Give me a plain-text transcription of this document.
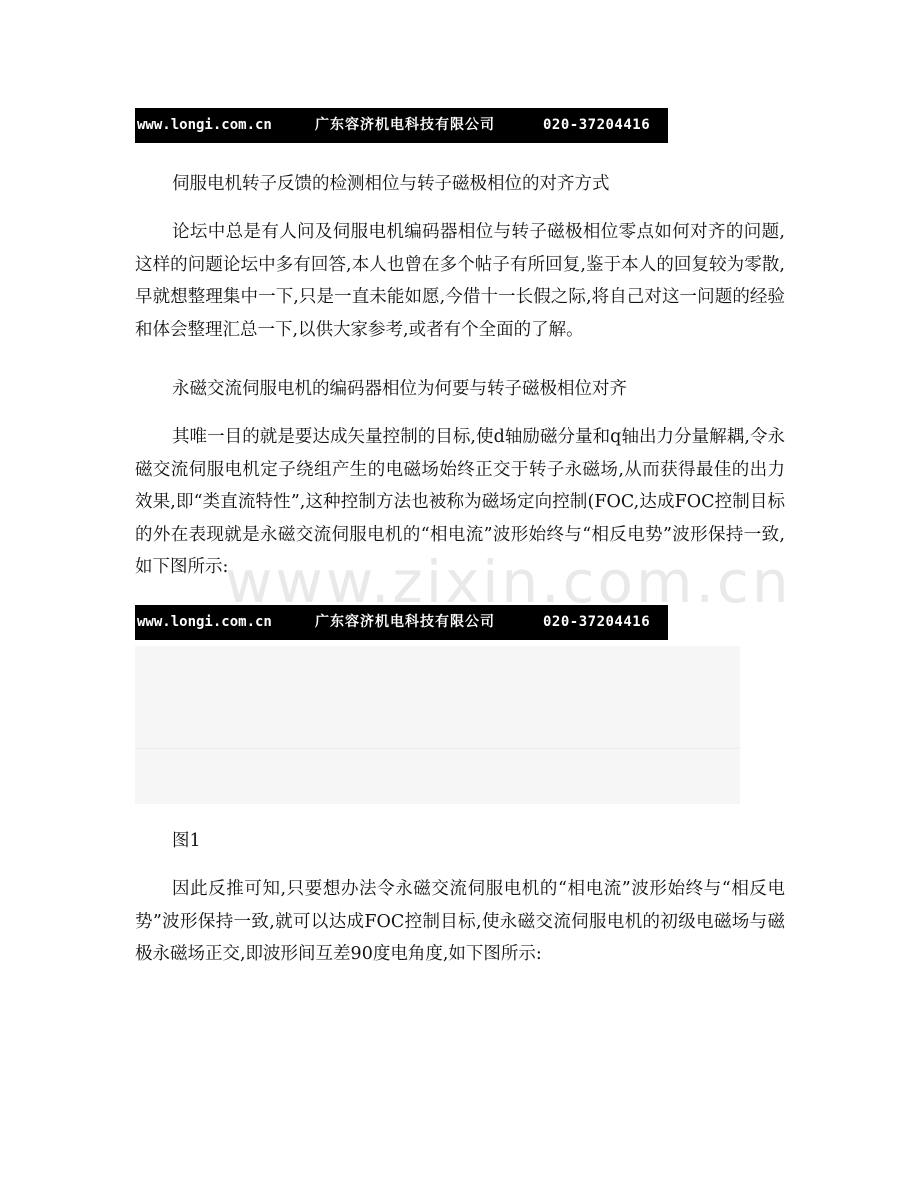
www.longi.com.cn	广东容济机电科技有限公司	020-37204416

伺服电机转子反馈的检测相位与转子磁极相位的对齐方式

论坛中总是有人问及伺服电机编码器相位与转子磁极相位零点如何对齐的问题,这样的问题论坛中多有回答,本人也曾在多个帖子有所回复,鉴于本人的回复较为零散,早就想整理集中一下,只是一直未能如愿,今借十一长假之际,将自己对这一问题的经验和体会整理汇总一下,以供大家参考,或者有个全面的了解。

永磁交流伺服电机的编码器相位为何要与转子磁极相位对齐

其唯一目的就是要达成矢量控制的目标,使d轴励磁分量和q轴出力分量解耦,令永磁交流伺服电机定子绕组产生的电磁场始终正交于转子永磁场,从而获得最佳的出力效果,即“类直流特性”,这种控制方法也被称为磁场定向控制(FOC,达成FOC控制目标的外在表现就是永磁交流伺服电机的“相电流”波形始终与“相反电势”波形保持一致,如下图所示:

www.longi.com.cn	广东容济机电科技有限公司	020-37204416

图1

因此反推可知,只要想办法令永磁交流伺服电机的“相电流”波形始终与“相反电势”波形保持一致,就可以达成FOC控制目标,使永磁交流伺服电机的初级电磁场与磁极永磁场正交,即波形间互差90度电角度,如下图所示:

www.zixin.com.cn
